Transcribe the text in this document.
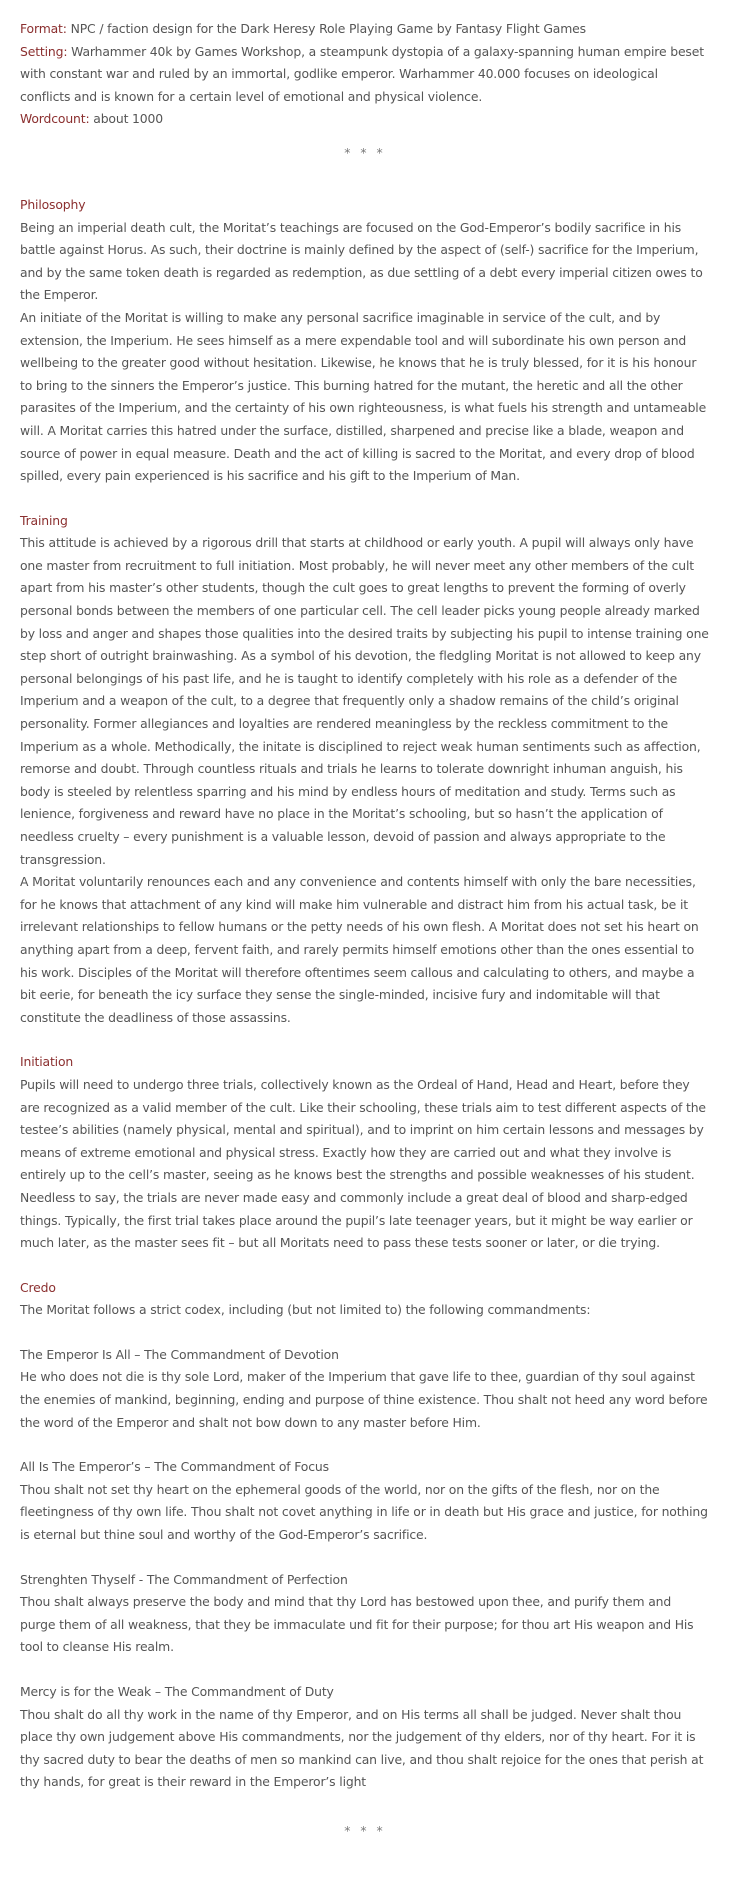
Format: NPC / faction design for the Dark Heresy Role Playing Game by Fantasy Flight Games

Setting: Warhammer 40k by Games Workshop, a steampunk dystopia of a galaxy-spanning human empire beset with constant war and ruled by an immortal, godlike emperor. Warhammer 40.000 focuses on ideological conflicts and is known for a certain level of emotional and physical violence.

Wordcount: about 1000

* * *

Philosophy

Being an imperial death cult, the Moritat’s teachings are focused on the God-Emperor’s bodily sacrifice in his battle against Horus. As such, their doctrine is mainly defined by the aspect of (self-) sacrifice for the Imperium, and by the same token death is regarded as redemption, as due settling of a debt every imperial citizen owes to the Emperor.

An initiate of the Moritat is willing to make any personal sacrifice imaginable in service of the cult, and by extension, the Imperium. He sees himself as a mere expendable tool and will subordinate his own person and wellbeing to the greater good without hesitation. Likewise, he knows that he is truly blessed, for it is his honour to bring to the sinners the Emperor’s justice. This burning hatred for the mutant, the heretic and all the other parasites of the Imperium, and the certainty of his own righteousness, is what fuels his strength and untameable will. A Moritat carries this hatred under the surface, distilled, sharpened and precise like a blade, weapon and source of power in equal measure. Death and the act of killing is sacred to the Moritat, and every drop of blood spilled, every pain experienced is his sacrifice and his gift to the Imperium of Man.

Training

This attitude is achieved by a rigorous drill that starts at childhood or early youth. A pupil will always only have one master from recruitment to full initiation. Most probably, he will never meet any other members of the cult apart from his master’s other students, though the cult goes to great lengths to prevent the forming of overly personal bonds between the members of one particular cell. The cell leader picks young people already marked by loss and anger and shapes those qualities into the desired traits by subjecting his pupil to intense training one step short of outright brainwashing. As a symbol of his devotion, the fledgling Moritat is not allowed to keep any personal belongings of his past life, and he is taught to identify completely with his role as a defender of the Imperium and a weapon of the cult, to a degree that frequently only a shadow remains of the child’s original personality. Former allegiances and loyalties are rendered meaningless by the reckless commitment to the Imperium as a whole. Methodically, the initate is disciplined to reject weak human sentiments such as affection, remorse and doubt. Through countless rituals and trials he learns to tolerate downright inhuman anguish, his body is steeled by relentless sparring and his mind by endless hours of meditation and study. Terms such as lenience, forgiveness and reward have no place in the Moritat’s schooling, but so hasn’t the application of needless cruelty – every punishment is a valuable lesson, devoid of passion and always appropriate to the transgression.

A Moritat voluntarily renounces each and any convenience and contents himself with only the bare necessities, for he knows that attachment of any kind will make him vulnerable and distract him from his actual task, be it irrelevant relationships to fellow humans or the petty needs of his own flesh. A Moritat does not set his heart on anything apart from a deep, fervent faith, and rarely permits himself emotions other than the ones essential to his work. Disciples of the Moritat will therefore oftentimes seem callous and calculating to others, and maybe a bit eerie, for beneath the icy surface they sense the single-minded, incisive fury and indomitable will that constitute the deadliness of those assassins.

Initiation

Pupils will need to undergo three trials, collectively known as the Ordeal of Hand, Head and Heart, before they are recognized as a valid member of the cult. Like their schooling, these trials aim to test different aspects of the testee’s abilities (namely physical, mental and spiritual), and to imprint on him certain lessons and messages by means of extreme emotional and physical stress. Exactly how they are carried out and what they involve is entirely up to the cell’s master, seeing as he knows best the strengths and possible weaknesses of his student. Needless to say, the trials are never made easy and commonly include a great deal of blood and sharp-edged things. Typically, the first trial takes place around the pupil’s late teenager years, but it might be way earlier or much later, as the master sees fit – but all Moritats need to pass these tests sooner or later, or die trying.

Credo

The Moritat follows a strict codex, including (but not limited to) the following commandments:

The Emperor Is All – The Commandment of Devotion

He who does not die is thy sole Lord, maker of the Imperium that gave life to thee, guardian of thy soul against the enemies of mankind, beginning, ending and purpose of thine existence. Thou shalt not heed any word before the word of the Emperor and shalt not bow down to any master before Him.

All Is The Emperor’s – The Commandment of Focus

Thou shalt not set thy heart on the ephemeral goods of the world, nor on the gifts of the flesh, nor on the fleetingness of thy own life. Thou shalt not covet anything in life or in death but His grace and justice, for nothing is eternal but thine soul and worthy of the God-Emperor’s sacrifice.

Strenghten Thyself - The Commandment of Perfection

Thou shalt always preserve the body and mind that thy Lord has bestowed upon thee, and purify them and purge them of all weakness, that they be immaculate und fit for their purpose; for thou art His weapon and His tool to cleanse His realm.

Mercy is for the Weak – The Commandment of Duty

Thou shalt do all thy work in the name of thy Emperor, and on His terms all shall be judged. Never shalt thou place thy own judgement above His commandments, nor the judgement of thy elders, nor of thy heart. For it is thy sacred duty to bear the deaths of men so mankind can live, and thou shalt rejoice for the ones that perish at thy hands, for great is their reward in the Emperor’s light

* * *
